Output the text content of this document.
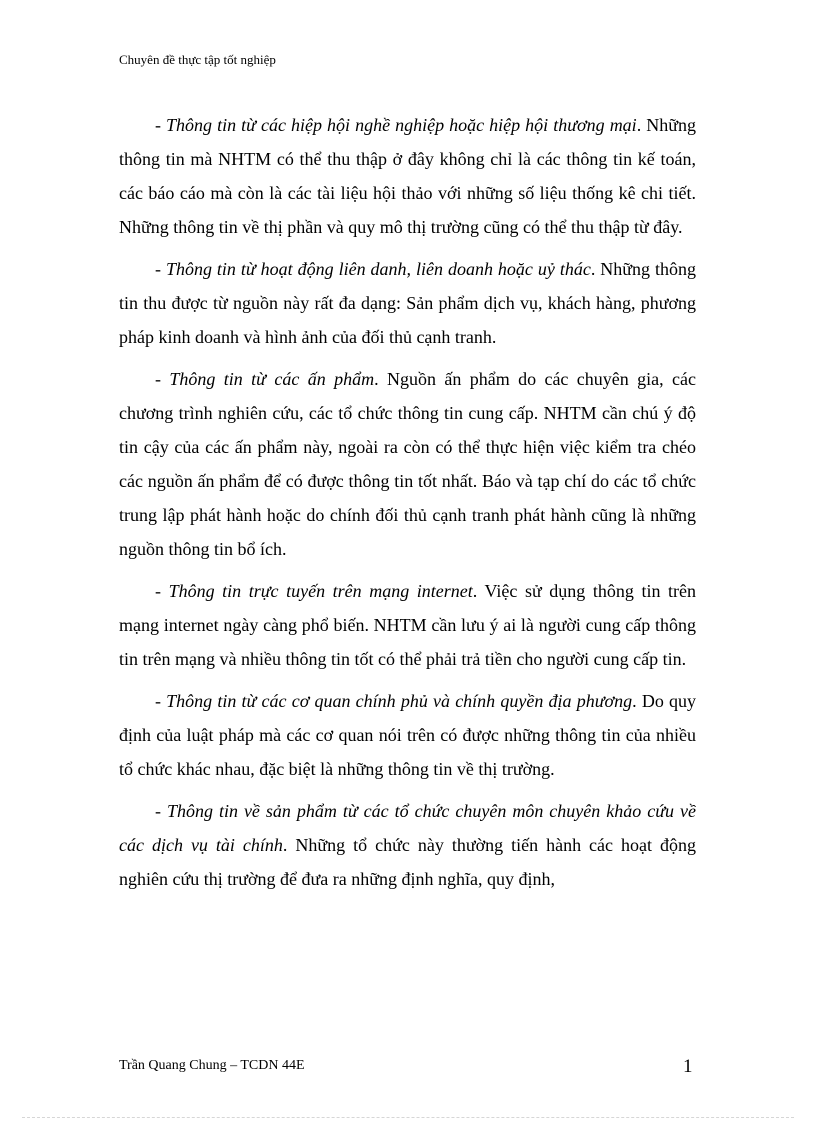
Chuyên đề thực tập tốt nghiệp

- Thông tin từ các hiệp hội nghề nghiệp hoặc hiệp hội thương mại. Những thông tin mà NHTM có thể thu thập ở đây không chỉ là các thông tin kế toán, các báo cáo mà còn là các tài liệu hội thảo với những số liệu thống kê chi tiết. Những thông tin về thị phần và quy mô thị trường cũng có thể thu thập từ đây.

- Thông tin từ hoạt động liên danh, liên doanh hoặc uỷ thác. Những thông tin thu được từ nguồn này rất đa dạng: Sản phẩm dịch vụ, khách hàng, phương pháp kinh doanh và hình ảnh của đối thủ cạnh tranh.

- Thông tin từ các ấn phẩm. Nguồn ấn phẩm do các chuyên gia, các chương trình nghiên cứu, các tổ chức thông tin cung cấp. NHTM cần chú ý độ tin cậy của các ấn phẩm này, ngoài ra còn có thể thực hiện việc kiểm tra chéo các nguồn ấn phẩm để có được thông tin tốt nhất. Báo và tạp chí do các tổ chức trung lập phát hành hoặc do chính đối thủ cạnh tranh phát hành cũng là những nguồn thông tin bổ ích.

- Thông tin trực tuyến trên mạng internet. Việc sử dụng thông tin trên mạng internet ngày càng phổ biến. NHTM cần lưu ý ai là người cung cấp thông tin trên mạng và nhiều thông tin tốt có thể phải trả tiền cho người cung cấp tin.

- Thông tin từ các cơ quan chính phủ và chính quyền địa phương. Do quy định của luật pháp mà các cơ quan nói trên có được những thông tin của nhiều tổ chức khác nhau, đặc biệt là những thông tin về thị trường.

- Thông tin về sản phẩm từ các tổ chức chuyên môn chuyên khảo cứu về các dịch vụ tài chính. Những tổ chức này thường tiến hành các hoạt động nghiên cứu thị trường để đưa ra những định nghĩa, quy định,

Trần Quang Chung – TCDN 44E	1
